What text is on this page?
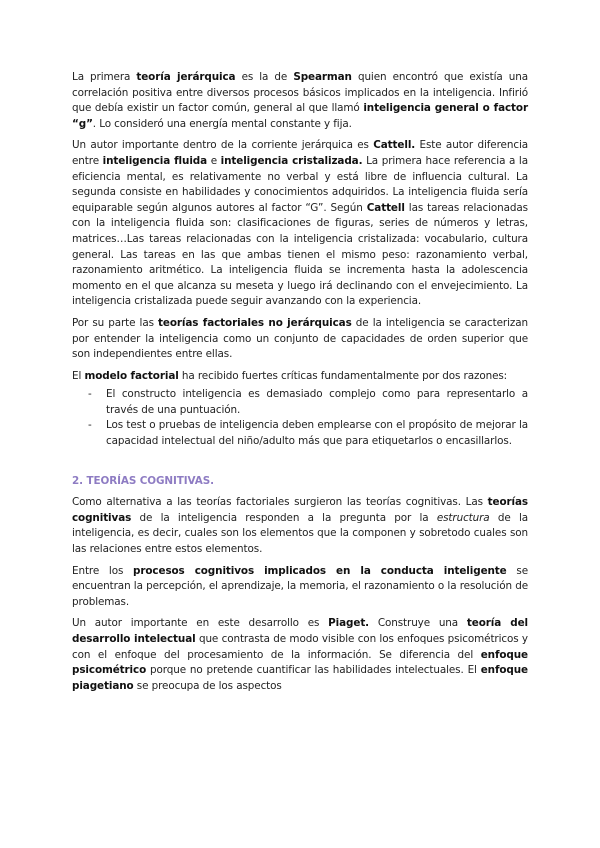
La primera teoría jerárquica es la de Spearman quien encontró que existía una correlación positiva entre diversos procesos básicos implicados en la inteligencia. Infirió que debía existir un factor común, general al que llamó inteligencia general o factor “g”. Lo consideró una energía mental constante y fija.

Un autor importante dentro de la corriente jerárquica es Cattell. Este autor diferencia entre inteligencia fluida e inteligencia cristalizada. La primera hace referencia a la eficiencia mental, es relativamente no verbal y está libre de influencia cultural. La segunda consiste en habilidades y conocimientos adquiridos. La inteligencia fluida sería equiparable según algunos autores al factor “G”. Según Cattell las tareas relacionadas con la inteligencia fluida son: clasificaciones de figuras, series de números y letras, matrices…Las tareas relacionadas con la inteligencia cristalizada: vocabulario, cultura general. Las tareas en las que ambas tienen el mismo peso: razonamiento verbal, razonamiento aritmético. La inteligencia fluida se incrementa hasta la adolescencia momento en el que alcanza su meseta y luego irá declinando con el envejecimiento. La inteligencia cristalizada puede seguir avanzando con la experiencia.

Por su parte las teorías factoriales no jerárquicas de la inteligencia se caracterizan por entender la inteligencia como un conjunto de capacidades de orden superior que son independientes entre ellas.

El modelo factorial ha recibido fuertes críticas fundamentalmente por dos razones:

- El constructo inteligencia es demasiado complejo como para representarlo a través de una puntuación.
- Los test o pruebas de inteligencia deben emplearse con el propósito de mejorar la capacidad intelectual del niño/adulto más que para etiquetarlos o encasillarlos.
2. TEORÍAS COGNITIVAS.

Como alternativa a las teorías factoriales surgieron las teorías cognitivas. Las teorías cognitivas de la inteligencia responden a la pregunta por la estructura de la inteligencia, es decir, cuales son los elementos que la componen y sobretodo cuales son las relaciones entre estos elementos.

Entre los procesos cognitivos implicados en la conducta inteligente se encuentran la percepción, el aprendizaje, la memoria, el razonamiento o la resolución de problemas.

Un autor importante en este desarrollo es Piaget. Construye una teoría del desarrollo intelectual que contrasta de modo visible con los enfoques psicométricos y con el enfoque del procesamiento de la información. Se diferencia del enfoque psicométrico porque no pretende cuantificar las habilidades intelectuales. El enfoque piagetiano se preocupa de los aspectos
